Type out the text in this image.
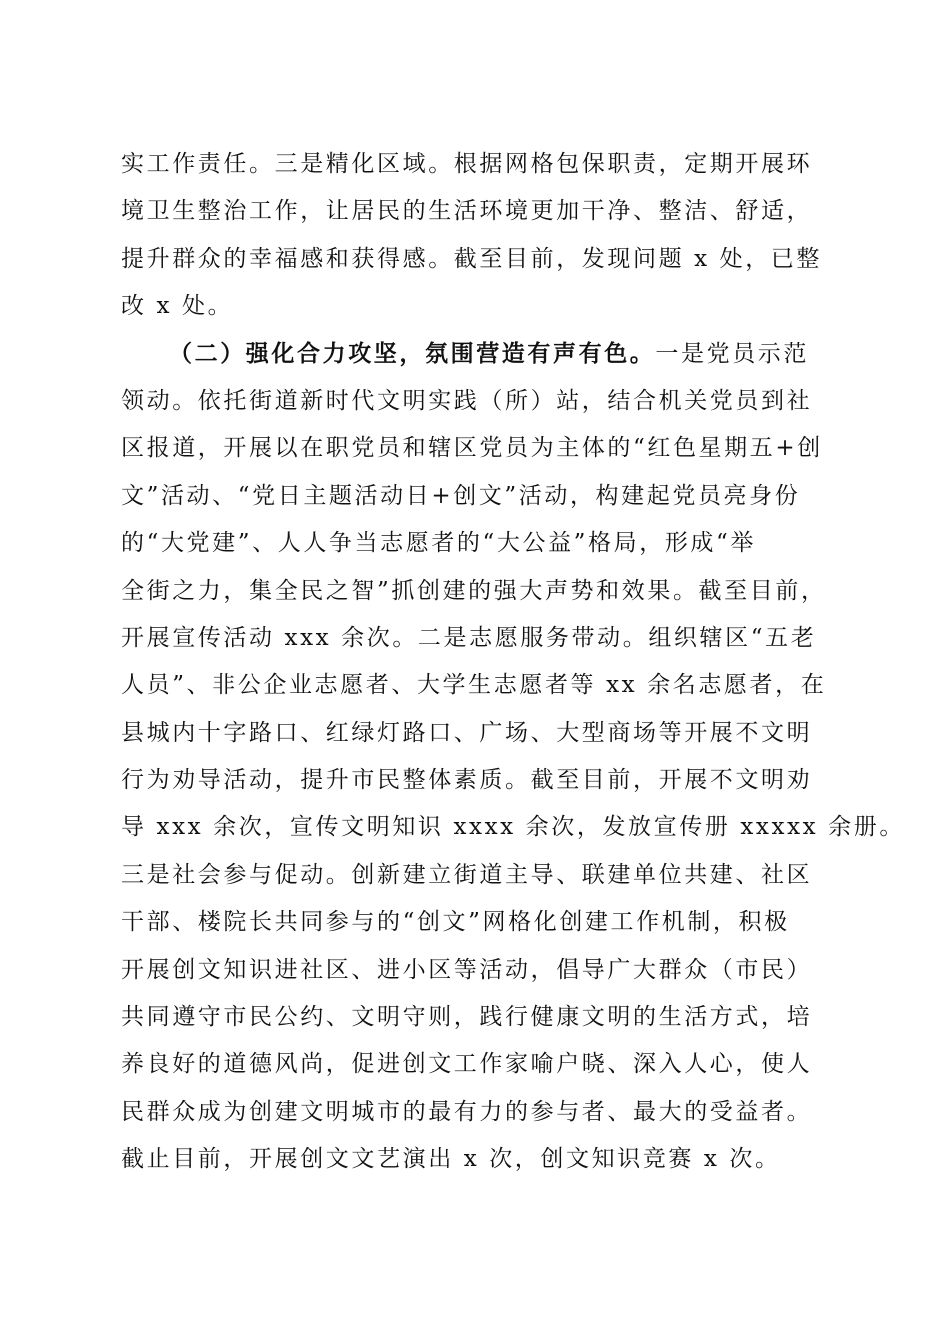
实工作责任。三是精化区域。根据网格包保职责，定期开展环
境卫生整治工作，让居民的生活环境更加干净、整洁、舒适，
提升群众的幸福感和获得感。截至目前，发现问题 x 处，已整
改 x 处。
（二）强化合力攻坚，氛围营造有声有色。一是党员示范
领动。依托街道新时代文明实践（所）站，结合机关党员到社
区报道，开展以在职党员和辖区党员为主体的“红色星期五+创
文”活动、“党日主题活动日+创文”活动，构建起党员亮身份
的“大党建”、人人争当志愿者的“大公益”格局，形成“举
全街之力，集全民之智”抓创建的强大声势和效果。截至目前，
开展宣传活动 xxx 余次。二是志愿服务带动。组织辖区“五老
人员”、非公企业志愿者、大学生志愿者等 xx 余名志愿者，在
县城内十字路口、红绿灯路口、广场、大型商场等开展不文明
行为劝导活动，提升市民整体素质。截至目前，开展不文明劝
导 xxx 余次，宣传文明知识 xxxx 余次，发放宣传册 xxxxx 余册。
三是社会参与促动。创新建立街道主导、联建单位共建、社区
干部、楼院长共同参与的“创文”网格化创建工作机制，积极
开展创文知识进社区、进小区等活动，倡导广大群众（市民）
共同遵守市民公约、文明守则，践行健康文明的生活方式，培
养良好的道德风尚，促进创文工作家喻户晓、深入人心，使人
民群众成为创建文明城市的最有力的参与者、最大的受益者。
截止目前，开展创文文艺演出 x 次，创文知识竞赛 x 次。
